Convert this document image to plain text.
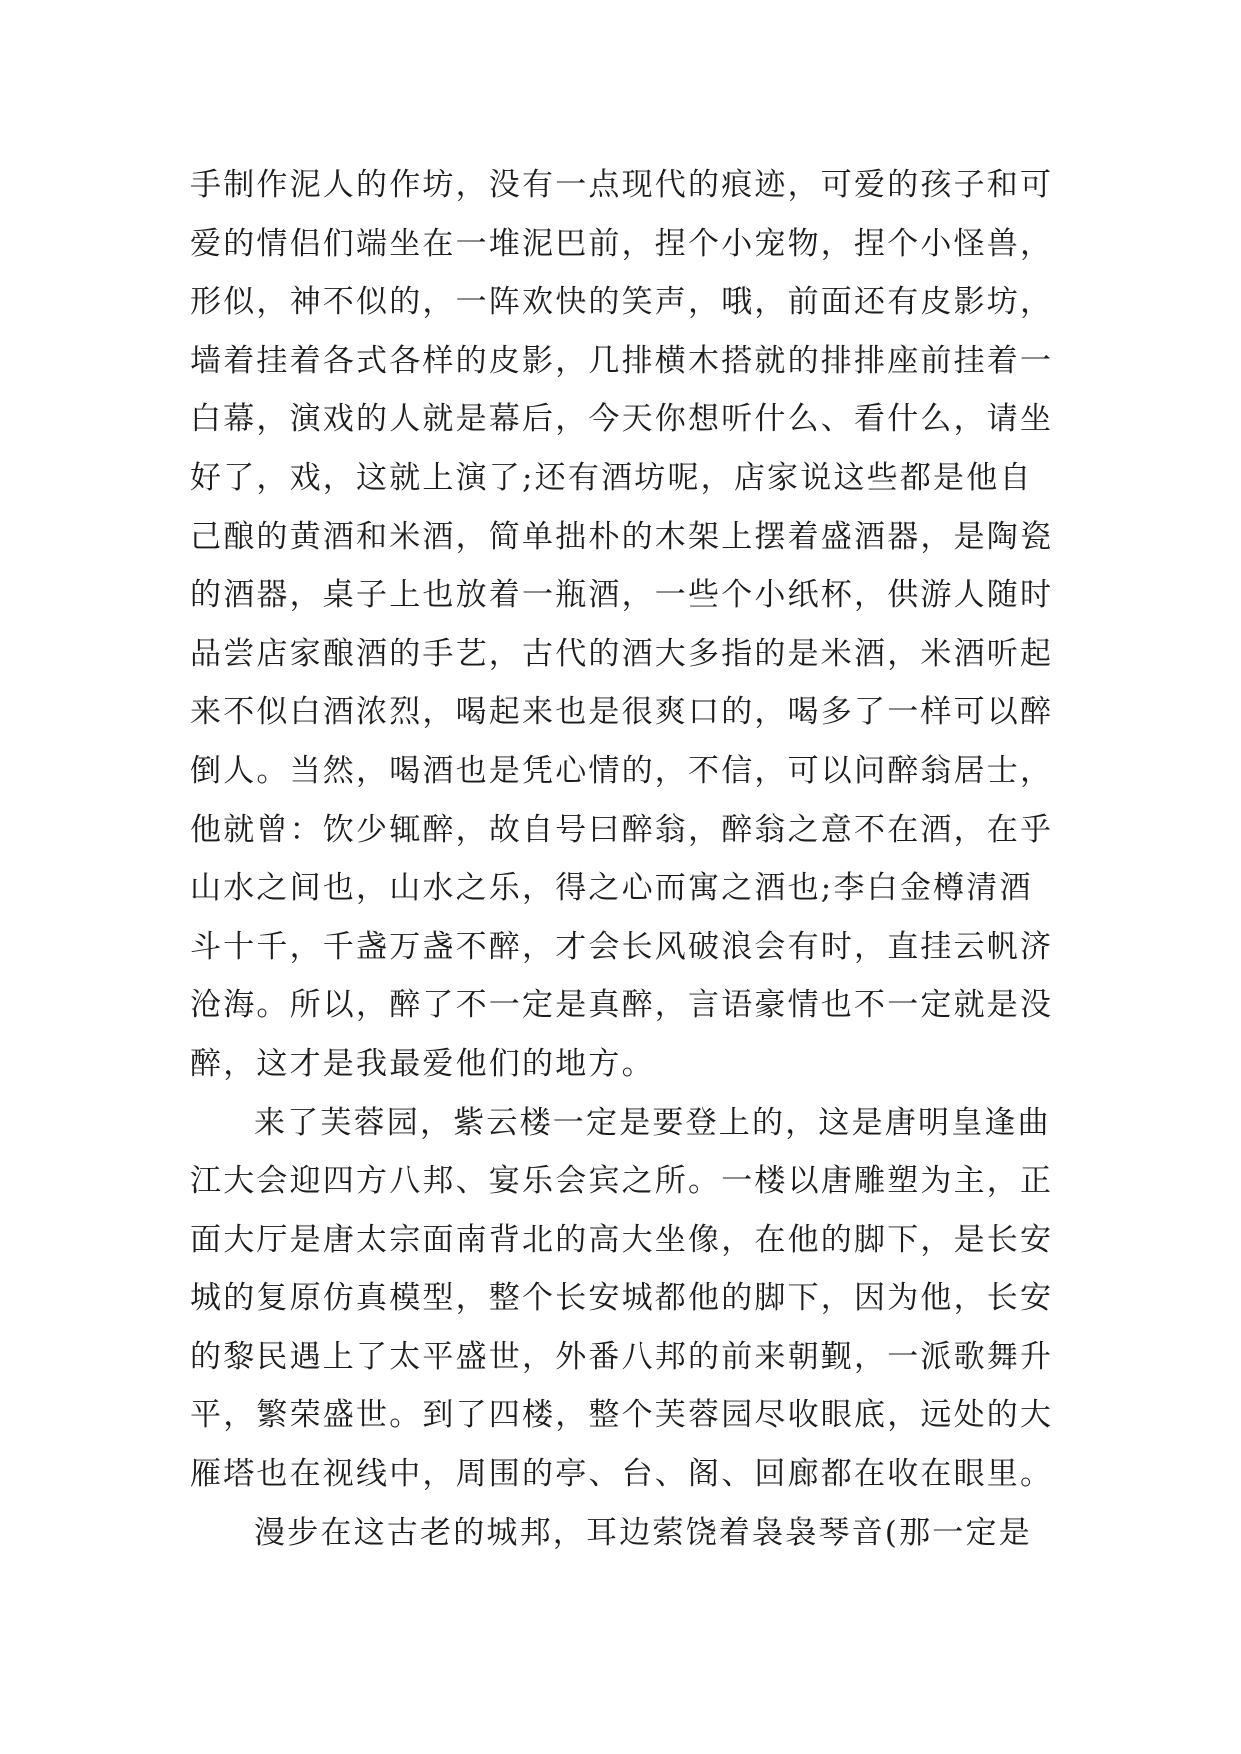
手制作泥人的作坊，没有一点现代的痕迹，可爱的孩子和可
爱的情侣们端坐在一堆泥巴前，捏个小宠物，捏个小怪兽，
形似，神不似的，一阵欢快的笑声，哦，前面还有皮影坊，
墙着挂着各式各样的皮影，几排横木搭就的排排座前挂着一
白幕，演戏的人就是幕后，今天你想听什么、看什么，请坐
好了，戏，这就上演了;还有酒坊呢，店家说这些都是他自
己酿的黄酒和米酒，简单拙朴的木架上摆着盛酒器，是陶瓷
的酒器，桌子上也放着一瓶酒，一些个小纸杯，供游人随时
品尝店家酿酒的手艺，古代的酒大多指的是米酒，米酒听起
来不似白酒浓烈，喝起来也是很爽口的，喝多了一样可以醉
倒人。当然，喝酒也是凭心情的，不信，可以问醉翁居士，
他就曾：饮少辄醉，故自号曰醉翁，醉翁之意不在酒，在乎
山水之间也，山水之乐，得之心而寓之酒也;李白金樽清酒
斗十千，千盏万盏不醉，才会长风破浪会有时，直挂云帆济
沧海。所以，醉了不一定是真醉，言语豪情也不一定就是没
醉，这才是我最爱他们的地方。
来了芙蓉园，紫云楼一定是要登上的，这是唐明皇逢曲
江大会迎四方八邦、宴乐会宾之所。一楼以唐雕塑为主，正
面大厅是唐太宗面南背北的高大坐像，在他的脚下，是长安
城的复原仿真模型，整个长安城都他的脚下，因为他，长安
的黎民遇上了太平盛世，外番八邦的前来朝觐，一派歌舞升
平，繁荣盛世。到了四楼，整个芙蓉园尽收眼底，远处的大
雁塔也在视线中，周围的亭、台、阁、回廊都在收在眼里。
漫步在这古老的城邦，耳边萦饶着袅袅琴音(那一定是
